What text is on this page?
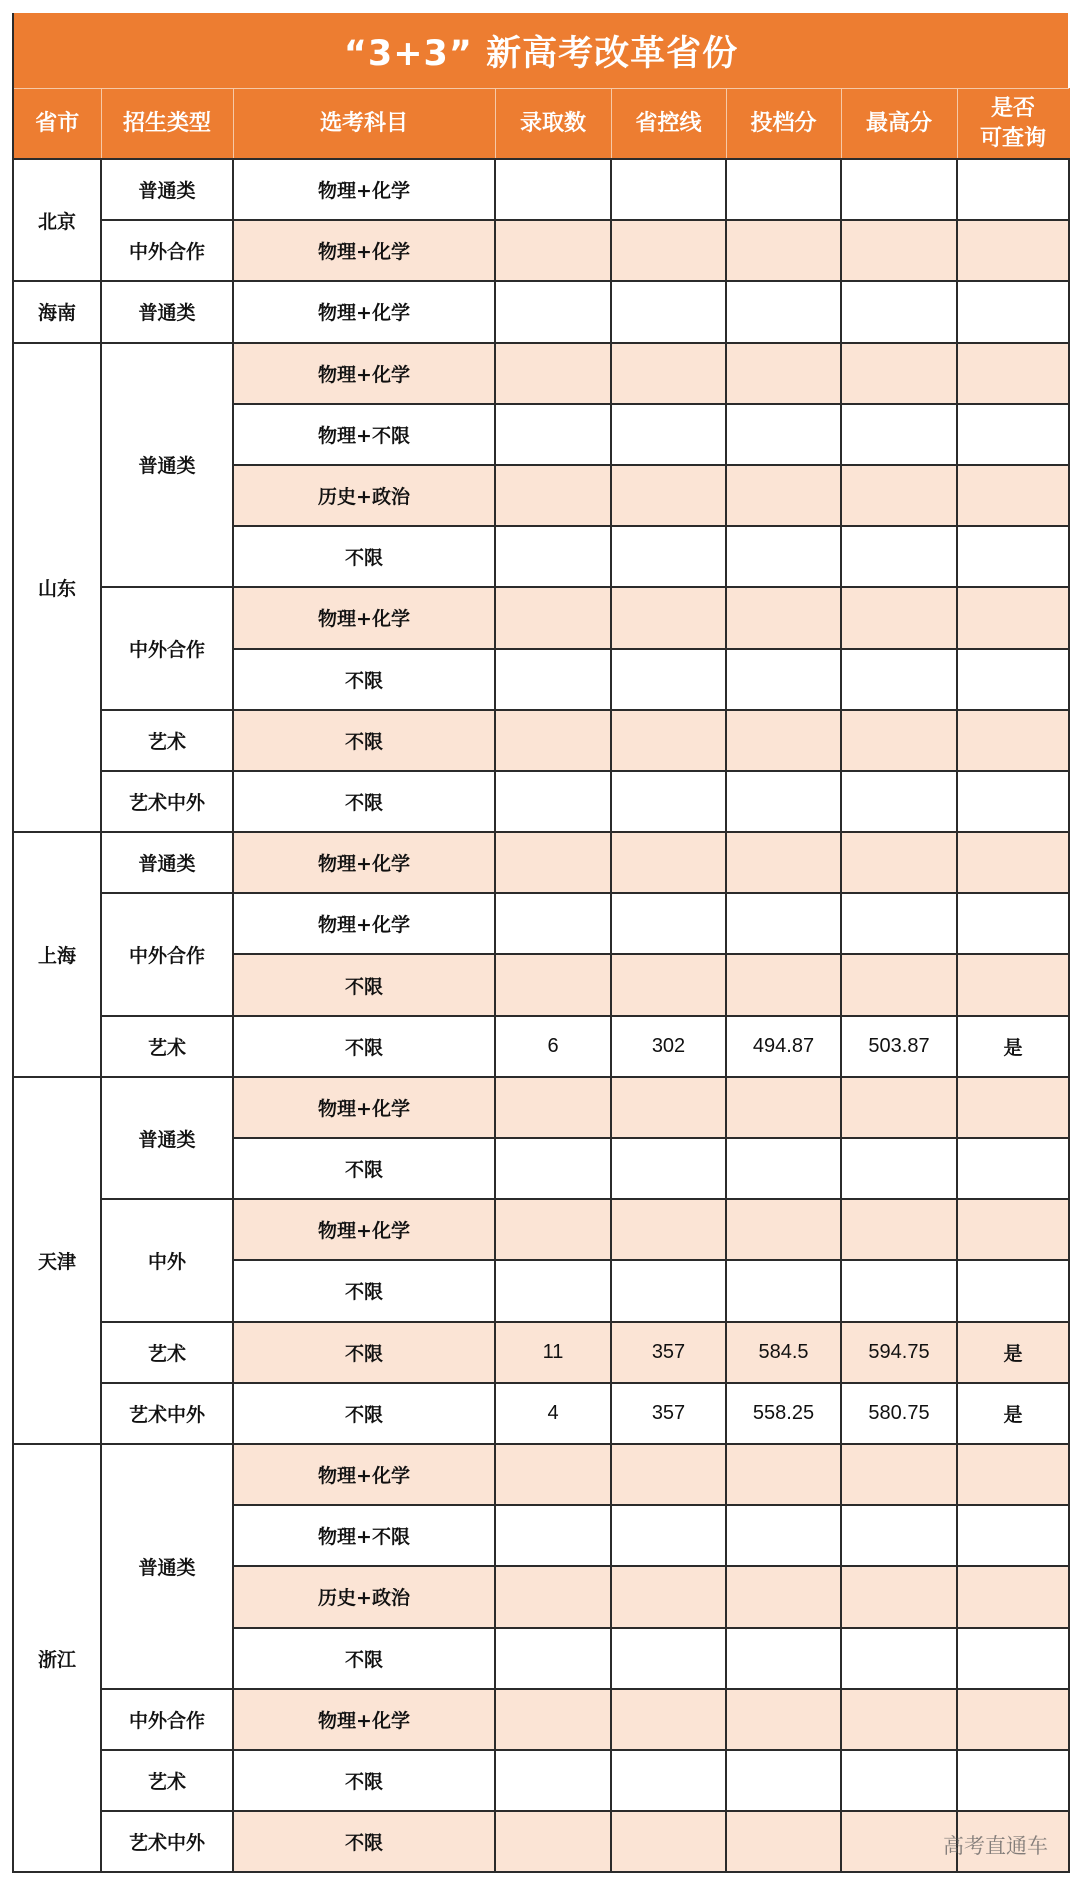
“3+3” 新高考改革省份
省市	招生类型	选考科目	录取数	省控线	投档分	最高分	是否
可查询

北京	普通类	物理+化学					
	中外合作	物理+化学					
海南	普通类	物理+化学					
山东	普通类	物理+化学					
		物理+不限					
		历史+政治					
		不限					
	中外合作	物理+化学					
		不限					
	艺术	不限					
	艺术中外	不限					
上海	普通类	物理+化学					
	中外合作	物理+化学					
		不限					
	艺术	不限	6	302	494.87	503.87	是
天津	普通类	物理+化学					
		不限					
	中外	物理+化学					
		不限					
	艺术	不限	11	357	584.5	594.75	是
	艺术中外	不限	4	357	558.25	580.75	是
浙江	普通类	物理+化学					
		物理+不限					
		历史+政治					
		不限					
	中外合作	物理+化学					
	艺术	不限					
	艺术中外	不限						高考直通车
